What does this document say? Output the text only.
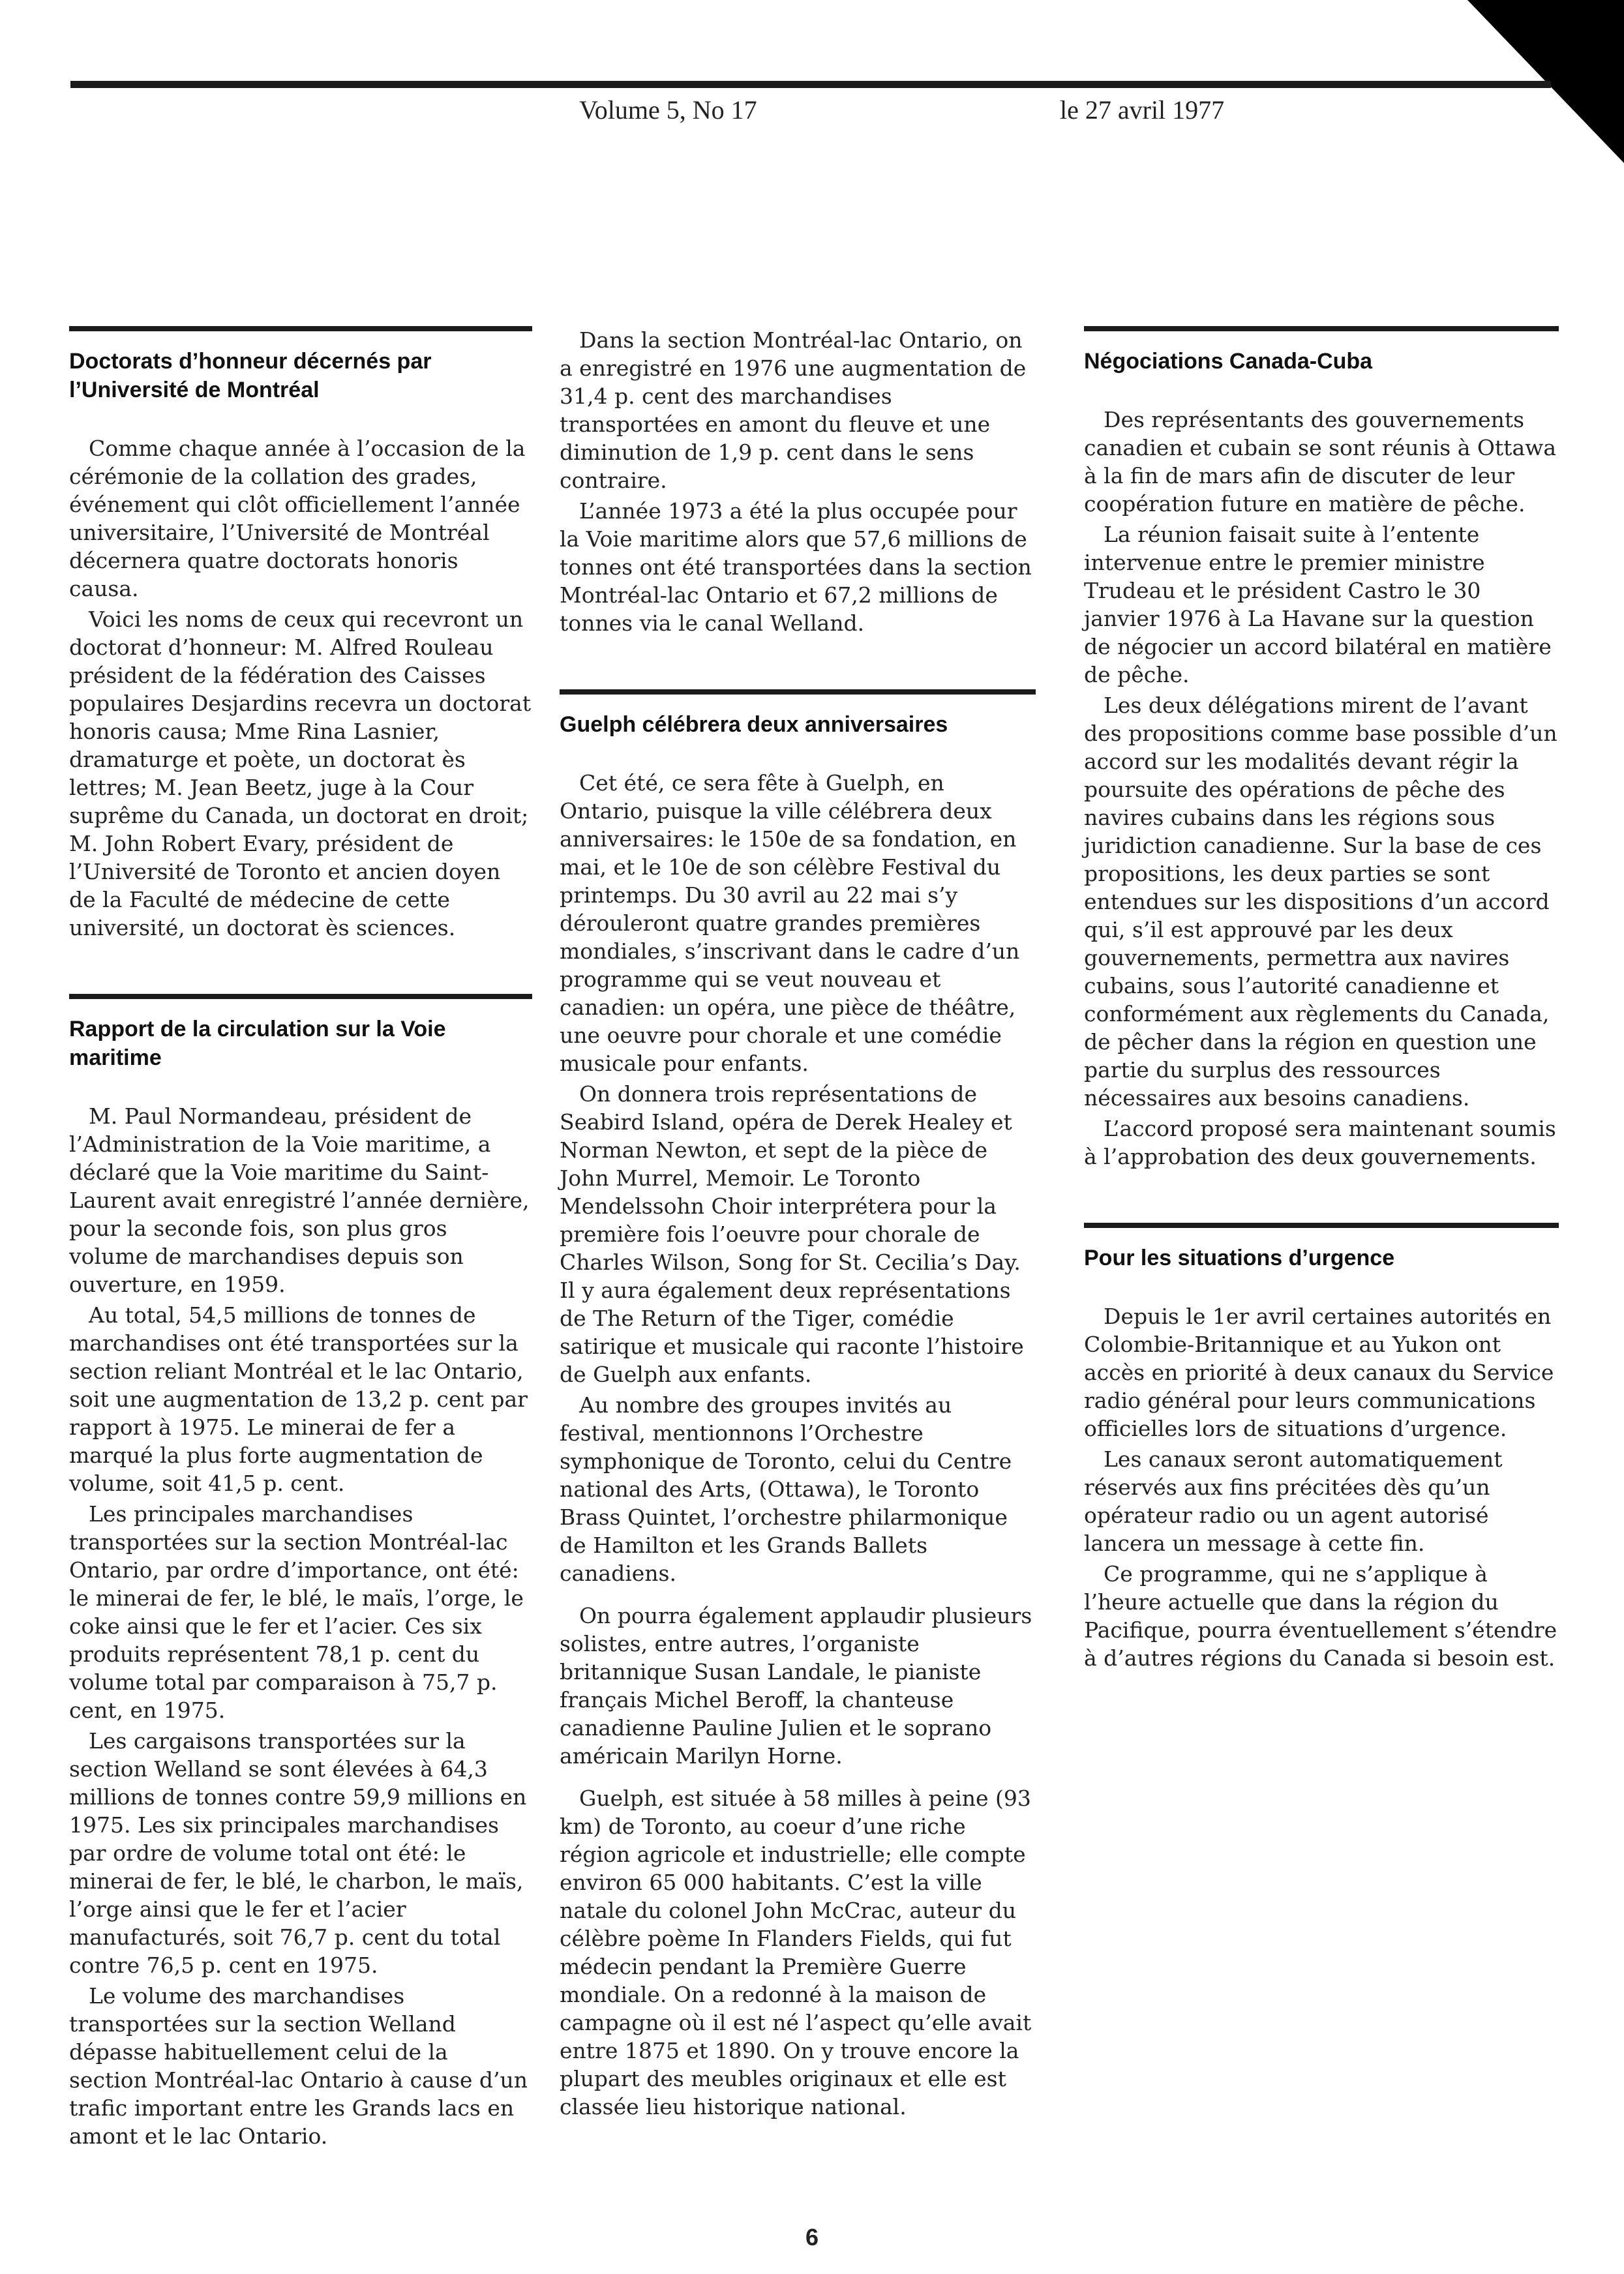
Volume 5, No 17	le 27 avril 1977
Doctorats d’honneur décernés par l’Université de Montréal

Comme chaque année à l’occasion de la cérémonie de la collation des grades, événement qui clôt officiellement l’année universitaire, l’Université de Montréal décernera quatre doctorats honoris causa.

Voici les noms de ceux qui recevront un doctorat d’honneur: M. Alfred Rouleau président de la fédération des Caisses populaires Desjardins recevra un doctorat honoris causa; Mme Rina Lasnier, dramaturge et poète, un doctorat ès lettres; M. Jean Beetz, juge à la Cour suprême du Canada, un doctorat en droit; M. John Robert Evary, président de l’Université de Toronto et ancien doyen de la Faculté de médecine de cette université, un doctorat ès sciences.

Rapport de la circulation sur la Voie maritime

M. Paul Normandeau, président de l’Administration de la Voie maritime, a déclaré que la Voie maritime du Saint-Laurent avait enregistré l’année dernière, pour la seconde fois, son plus gros volume de marchandises depuis son ouverture, en 1959.

Au total, 54,5 millions de tonnes de marchandises ont été transportées sur la section reliant Montréal et le lac Ontario, soit une augmentation de 13,2 p. cent par rapport à 1975. Le minerai de fer a marqué la plus forte augmentation de volume, soit 41,5 p. cent.

Les principales marchandises transportées sur la section Montréal-lac Ontario, par ordre d’importance, ont été: le minerai de fer, le blé, le maïs, l’orge, le coke ainsi que le fer et l’acier. Ces six produits représentent 78,1 p. cent du volume total par comparaison à 75,7 p. cent, en 1975.

Les cargaisons transportées sur la section Welland se sont élevées à 64,3 millions de tonnes contre 59,9 millions en 1975. Les six principales marchandises par ordre de volume total ont été: le minerai de fer, le blé, le charbon, le maïs, l’orge ainsi que le fer et l’acier manufacturés, soit 76,7 p. cent du total contre 76,5 p. cent en 1975.

Le volume des marchandises transportées sur la section Welland dépasse habituellement celui de la section Montréal-lac Ontario à cause d’un trafic important entre les Grands lacs en amont et le lac Ontario.

Dans la section Montréal-lac Ontario, on a enregistré en 1976 une augmentation de 31,4 p. cent des marchandises transportées en amont du fleuve et une diminution de 1,9 p. cent dans le sens contraire.

L’année 1973 a été la plus occupée pour la Voie maritime alors que 57,6 millions de tonnes ont été transportées dans la section Montréal-lac Ontario et 67,2 millions de tonnes via le canal Welland.

Guelph célébrera deux anniversaires

Cet été, ce sera fête à Guelph, en Ontario, puisque la ville célébrera deux anniversaires: le 150e de sa fondation, en mai, et le 10e de son célèbre Festival du printemps. Du 30 avril au 22 mai s’y dérouleront quatre grandes premières mondiales, s’inscrivant dans le cadre d’un programme qui se veut nouveau et canadien: un opéra, une pièce de théâtre, une oeuvre pour chorale et une comédie musicale pour enfants.

On donnera trois représentations de Seabird Island, opéra de Derek Healey et Norman Newton, et sept de la pièce de John Murrel, Memoir. Le Toronto Mendelssohn Choir interprétera pour la première fois l’oeuvre pour chorale de Charles Wilson, Song for St. Cecilia’s Day. Il y aura également deux représentations de The Return of the Tiger, comédie satirique et musicale qui raconte l’histoire de Guelph aux enfants.

Au nombre des groupes invités au festival, mentionnons l’Orchestre symphonique de Toronto, celui du Centre national des Arts, (Ottawa), le Toronto Brass Quintet, l’orchestre philarmonique de Hamilton et les Grands Ballets canadiens.

On pourra également applaudir plusieurs solistes, entre autres, l’organiste britannique Susan Landale, le pianiste français Michel Beroff, la chanteuse canadienne Pauline Julien et le soprano américain Marilyn Horne.

Guelph, est située à 58 milles à peine (93 km) de Toronto, au coeur d’une riche région agricole et industrielle; elle compte environ 65 000 habitants. C’est la ville natale du colonel John McCrac, auteur du célèbre poème In Flanders Fields, qui fut médecin pendant la Première Guerre mondiale. On a redonné à la maison de campagne où il est né l’aspect qu’elle avait entre 1875 et 1890. On y trouve encore la plupart des meubles originaux et elle est classée lieu historique national.

Négociations Canada-Cuba

Des représentants des gouvernements canadien et cubain se sont réunis à Ottawa à la fin de mars afin de discuter de leur coopération future en matière de pêche.

La réunion faisait suite à l’entente intervenue entre le premier ministre Trudeau et le président Castro le 30 janvier 1976 à La Havane sur la question de négocier un accord bilatéral en matière de pêche.

Les deux délégations mirent de l’avant des propositions comme base possible d’un accord sur les modalités devant régir la poursuite des opérations de pêche des navires cubains dans les régions sous juridiction canadienne. Sur la base de ces propositions, les deux parties se sont entendues sur les dispositions d’un accord qui, s’il est approuvé par les deux gouvernements, permettra aux navires cubains, sous l’autorité canadienne et conformément aux règlements du Canada, de pêcher dans la région en question une partie du surplus des ressources nécessaires aux besoins canadiens.

L’accord proposé sera maintenant soumis à l’approbation des deux gouvernements.

Pour les situations d’urgence

Depuis le 1er avril certaines autorités en Colombie-Britannique et au Yukon ont accès en priorité à deux canaux du Service radio général pour leurs communications officielles lors de situations d’urgence.

Les canaux seront automatiquement réservés aux fins précitées dès qu’un opérateur radio ou un agent autorisé lancera un message à cette fin.

Ce programme, qui ne s’applique à l’heure actuelle que dans la région du Pacifique, pourra éventuellement s’étendre à d’autres régions du Canada si besoin est.

6
